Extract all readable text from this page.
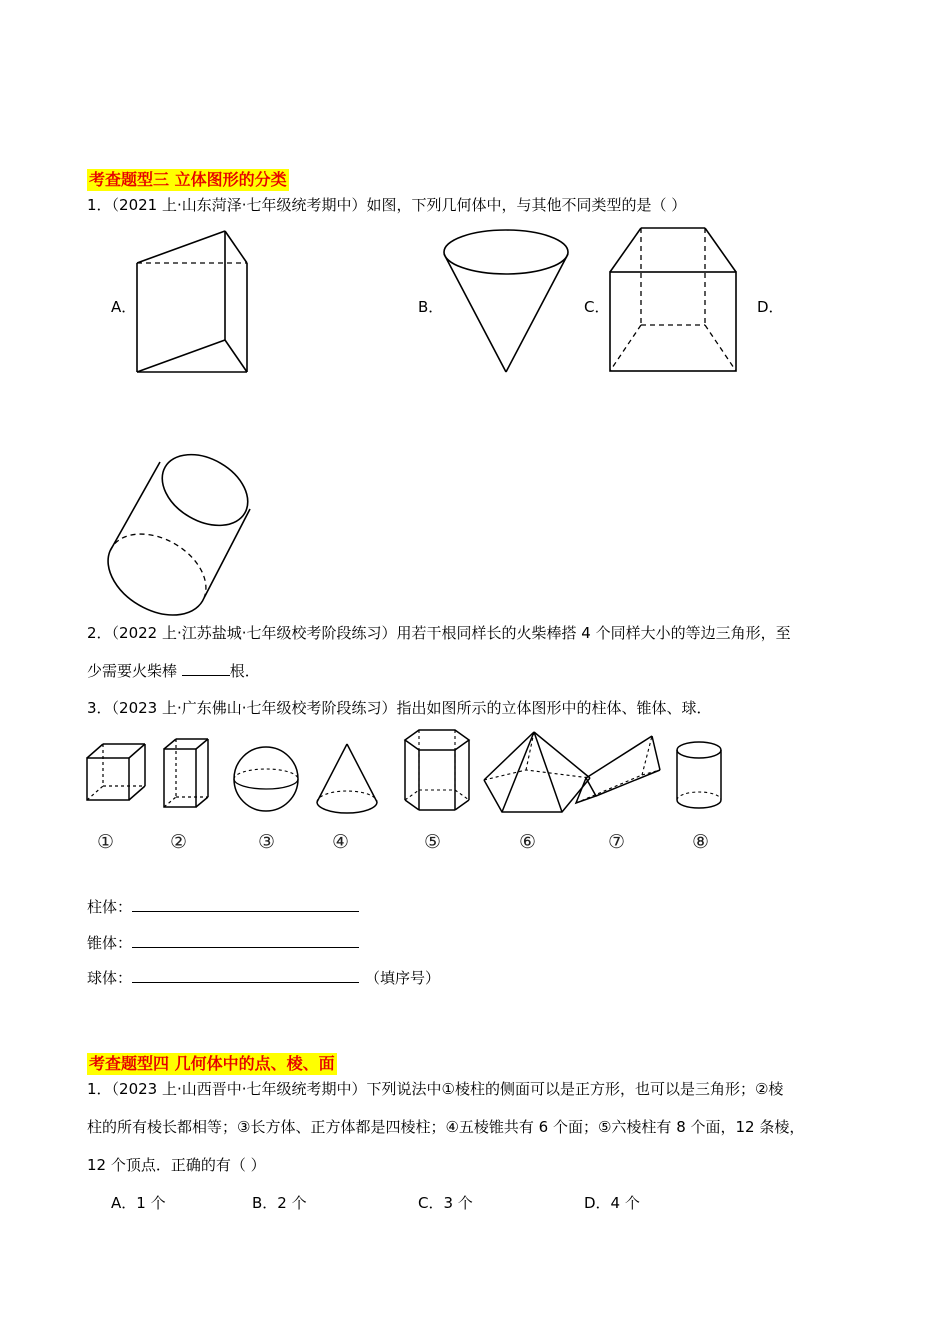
考查题型三 立体图形的分类
1．（2021 上·山东菏泽·七年级统考期中）如图，下列几何体中，与其他不同类型的是（ ）
A．	B．	C．	D．
2．（2022 上·江苏盐城·七年级校考阶段练习）用若干根同样长的火柴棒搭 4 个同样大小的等边三角形，至
少需要火柴棒	根．
3．（2023 上·广东佛山·七年级校考阶段练习）指出如图所示的立体图形中的柱体、锥体、球．
①	②	③	④	⑤	⑥	⑦	⑧
柱体：
锥体：
球体：	（填序号）
考查题型四 几何体中的点、棱、面
1．（2023 上·山西晋中·七年级统考期中）下列说法中①棱柱的侧面可以是正方形，也可以是三角形；②棱
柱的所有棱长都相等；③长方体、正方体都是四棱柱；④五棱锥共有 6 个面；⑤六棱柱有 8 个面，12 条棱，
12 个顶点．正确的有（ ）
A．1 个	B．2 个	C．3 个	D．4 个
